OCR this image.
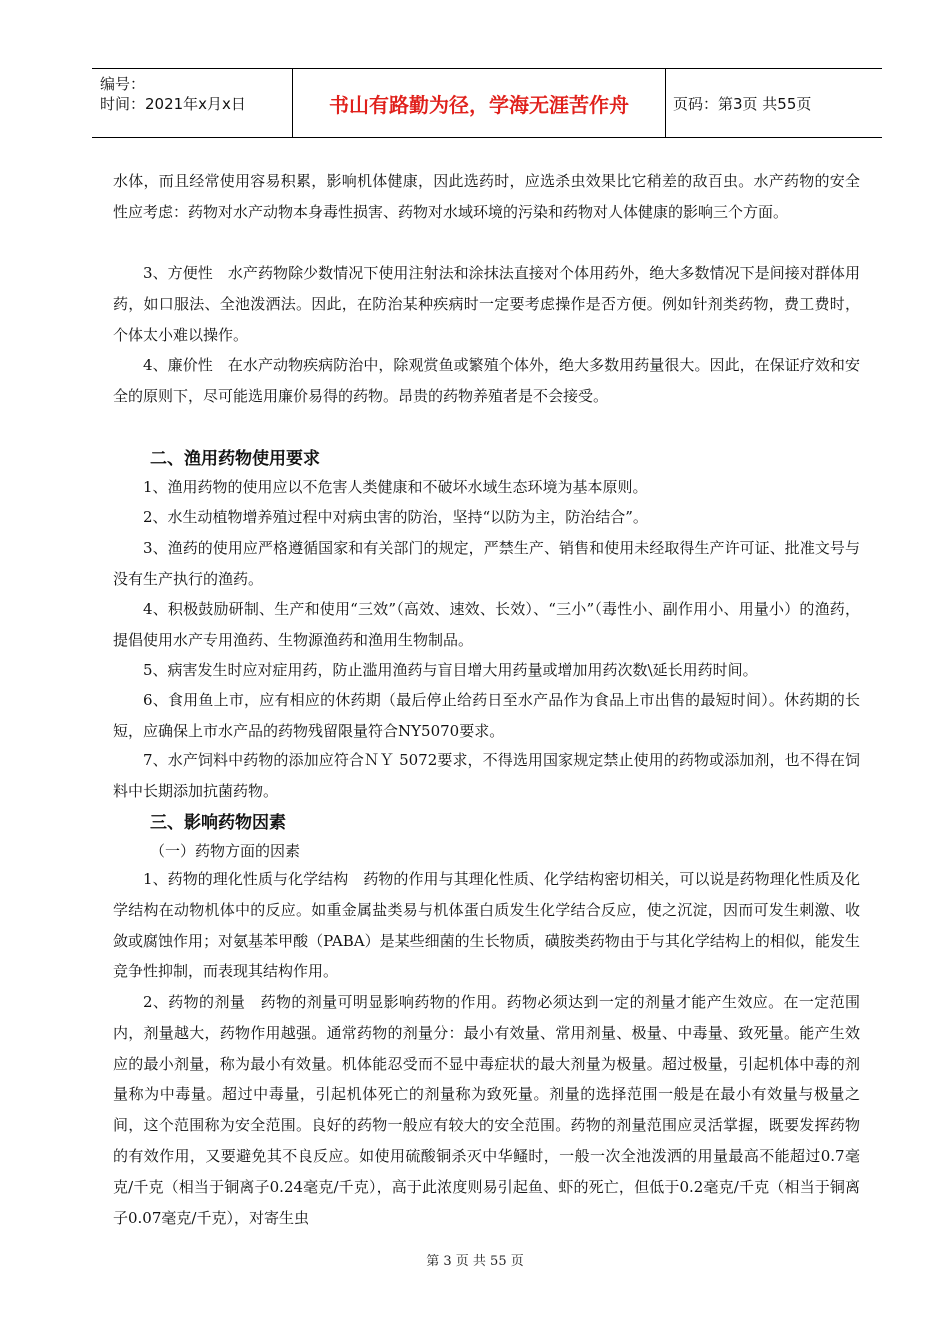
编号：
时间：2021年x月x日	书山有路勤为径，学海无涯苦作舟	页码：第3页 共55页
水体，而且经常使用容易积累，影响机体健康，因此选药时，应选杀虫效果比它稍差的敌百虫。水产药物的安全性应考虑：药物对水产动物本身毒性损害、药物对水域环境的污染和药物对人体健康的影响三个方面。
3、方便性　水产药物除少数情况下使用注射法和涂抹法直接对个体用药外，绝大多数情况下是间接对群体用药，如口服法、全池泼洒法。因此，在防治某种疾病时一定要考虑操作是否方便。例如针剂类药物，费工费时，个体太小难以操作。
4、廉价性　在水产动物疾病防治中，除观赏鱼或繁殖个体外，绝大多数用药量很大。因此，在保证疗效和安全的原则下，尽可能选用廉价易得的药物。昂贵的药物养殖者是不会接受。
二、渔用药物使用要求
1、渔用药物的使用应以不危害人类健康和不破坏水域生态环境为基本原则。
2、水生动植物增养殖过程中对病虫害的防治，坚持“以防为主，防治结合”。
3、渔药的使用应严格遵循国家和有关部门的规定，严禁生产、销售和使用未经取得生产许可证、批准文号与没有生产执行的渔药。
4、积极鼓励研制、生产和使用“三效”（高效、速效、长效）、“三小”（毒性小、副作用小、用量小）的渔药，提倡使用水产专用渔药、生物源渔药和渔用生物制品。
5、病害发生时应对症用药，防止滥用渔药与盲目增大用药量或增加用药次数\延长用药时间。
6、食用鱼上市，应有相应的休药期（最后停止给药日至水产品作为食品上市出售的最短时间）。休药期的长短，应确保上市水产品的药物残留限量符合NY5070要求。
7、水产饲料中药物的添加应符合ＮＹ 5072要求，不得选用国家规定禁止使用的药物或添加剂，也不得在饲料中长期添加抗菌药物。
三、影响药物因素
（一）药物方面的因素
1、药物的理化性质与化学结构　药物的作用与其理化性质、化学结构密切相关，可以说是药物理化性质及化学结构在动物机体中的反应。如重金属盐类易与机体蛋白质发生化学结合反应，使之沉淀，因而可发生刺激、收敛或腐蚀作用；对氨基苯甲酸（PABA）是某些细菌的生长物质，磺胺类药物由于与其化学结构上的相似，能发生竞争性抑制，而表现其结构作用。
2、药物的剂量　药物的剂量可明显影响药物的作用。药物必须达到一定的剂量才能产生效应。在一定范围内，剂量越大，药物作用越强。通常药物的剂量分：最小有效量、常用剂量、极量、中毒量、致死量。能产生效应的最小剂量，称为最小有效量。机体能忍受而不显中毒症状的最大剂量为极量。超过极量，引起机体中毒的剂量称为中毒量。超过中毒量，引起机体死亡的剂量称为致死量。剂量的选择范围一般是在最小有效量与极量之间，这个范围称为安全范围。良好的药物一般应有较大的安全范围。药物的剂量范围应灵活掌握，既要发挥药物的有效作用，又要避免其不良反应。如使用硫酸铜杀灭中华鳋时，一般一次全池泼洒的用量最高不能超过0.7毫克/千克（相当于铜离子0.24毫克/千克），高于此浓度则易引起鱼、虾的死亡，但低于0.2毫克/千克（相当于铜离子0.07毫克/千克），对寄生虫
第 3 页 共 55 页
